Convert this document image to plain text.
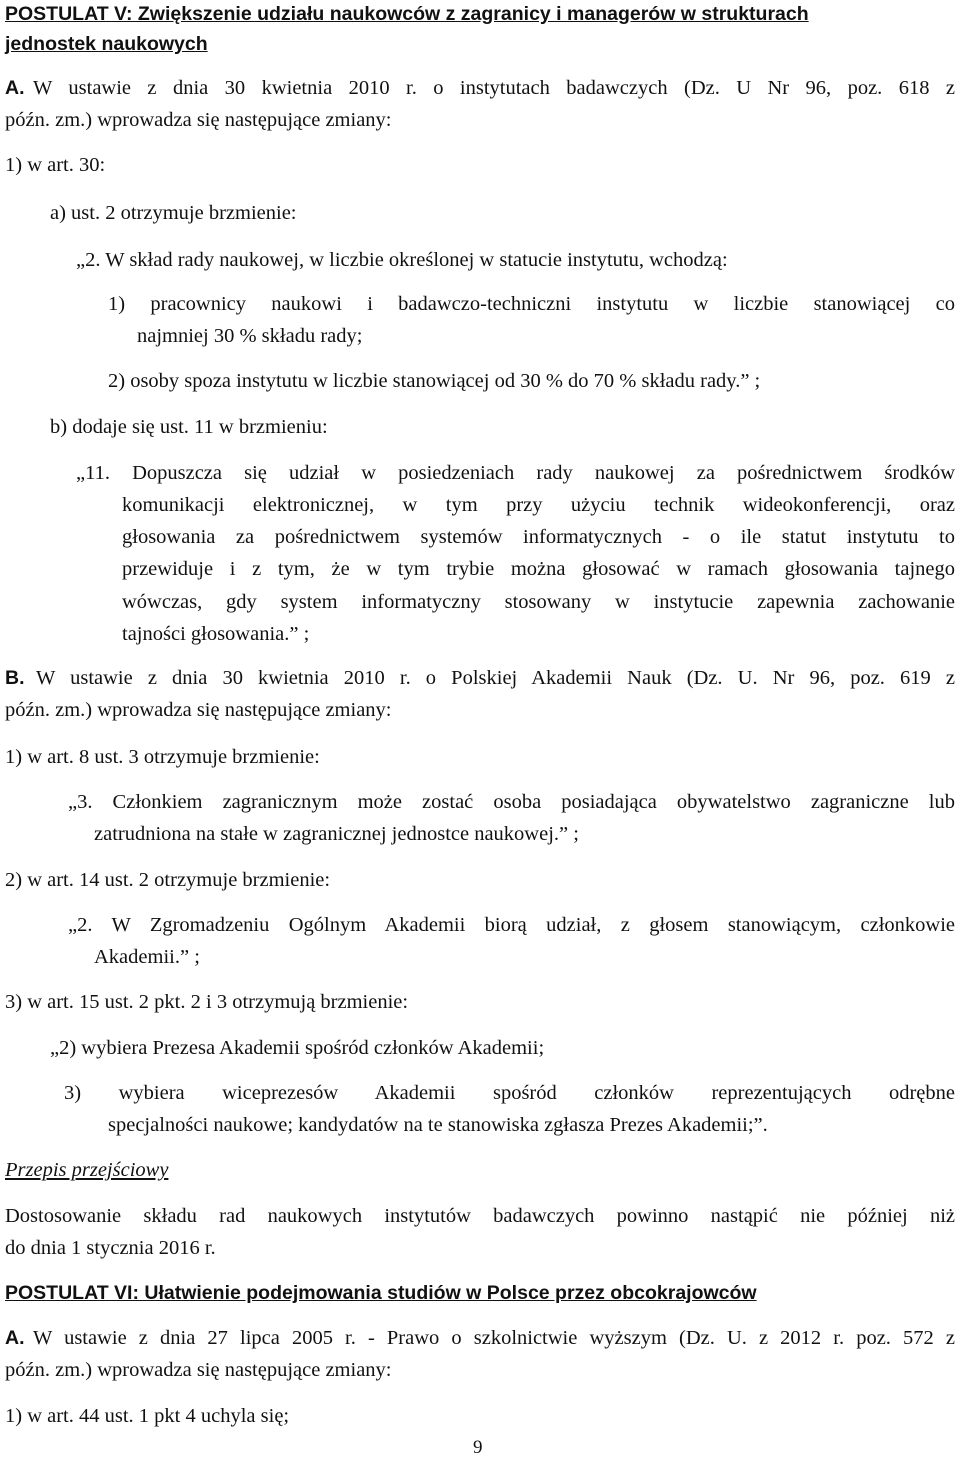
POSTULAT V: Zwiększenie udziału naukowców z zagranicy i managerów w strukturach
jednostek naukowych
A. W ustawie z dnia 30 kwietnia 2010 r. o instytutach badawczych (Dz. U Nr 96, poz. 618 z
późn. zm.) wprowadza się następujące zmiany:
1) w art. 30:
a) ust. 2 otrzymuje brzmienie:
„2. W skład rady naukowej, w liczbie określonej w statucie instytutu, wchodzą:
1) pracownicy naukowi i badawczo-techniczni instytutu w liczbie stanowiącej co
najmniej 30 % składu rady;
2) osoby spoza instytutu w liczbie stanowiącej od 30 % do 70 % składu rady.” ;
b) dodaje się ust. 11 w brzmieniu:
„11. Dopuszcza się udział w posiedzeniach rady naukowej za pośrednictwem środków
komunikacji elektronicznej, w tym przy użyciu technik wideokonferencji, oraz
głosowania za pośrednictwem systemów informatycznych - o ile statut instytutu to
przewiduje i z tym, że w tym trybie można głosować w ramach głosowania tajnego
wówczas, gdy system informatyczny stosowany w instytucie zapewnia zachowanie
tajności głosowania.” ;
B. W ustawie z dnia 30 kwietnia 2010 r. o Polskiej Akademii Nauk (Dz. U. Nr 96, poz. 619 z
późn. zm.) wprowadza się następujące zmiany:
1) w art. 8 ust. 3 otrzymuje brzmienie:
„3. Członkiem zagranicznym może zostać osoba posiadająca obywatelstwo zagraniczne lub
zatrudniona na stałe w zagranicznej jednostce naukowej.” ;
2) w art. 14 ust. 2 otrzymuje brzmienie:
„2. W Zgromadzeniu Ogólnym Akademii biorą udział, z głosem stanowiącym, członkowie
Akademii.” ;
3) w art. 15 ust. 2 pkt. 2 i 3 otrzymują brzmienie:
„2) wybiera Prezesa Akademii spośród członków Akademii;
3) wybiera wiceprezesów Akademii spośród członków reprezentujących odrębne
specjalności naukowe; kandydatów na te stanowiska zgłasza Prezes Akademii;”.
Przepis przejściowy
Dostosowanie składu rad naukowych instytutów badawczych powinno nastąpić nie później niż
do dnia 1 stycznia 2016 r.
POSTULAT VI: Ułatwienie podejmowania studiów w Polsce przez obcokrajowców
A. W ustawie z dnia 27 lipca 2005 r. - Prawo o szkolnictwie wyższym (Dz. U. z 2012 r. poz. 572 z
późn. zm.) wprowadza się następujące zmiany:
1) w art. 44 ust. 1 pkt 4 uchyla się;
9
